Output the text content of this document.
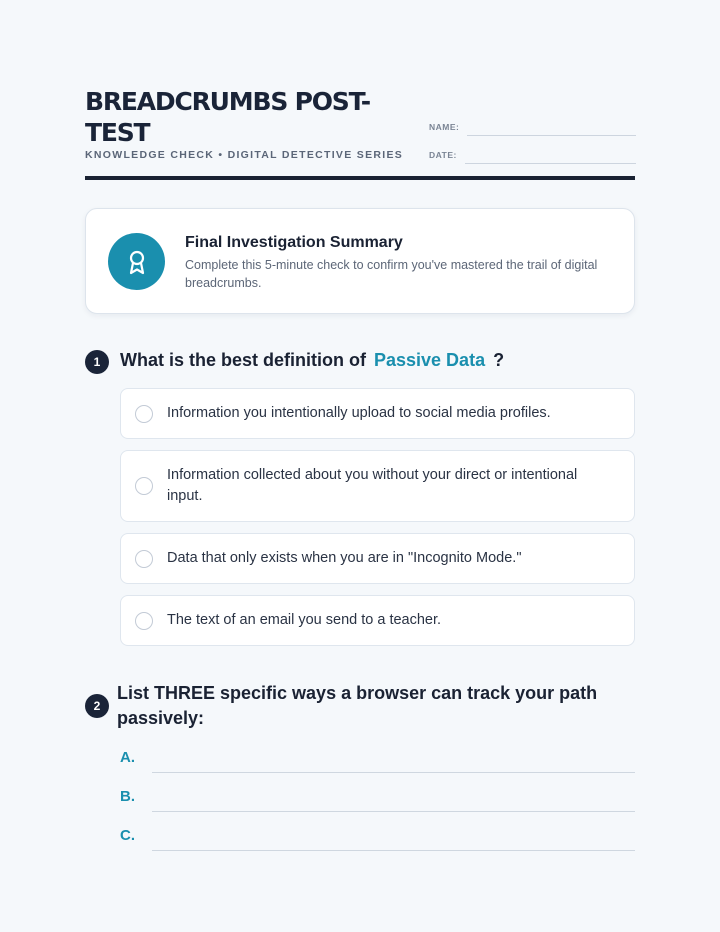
BREADCRUMBS POST-TEST
KNOWLEDGE CHECK • DIGITAL DETECTIVE SERIES
NAME:
DATE:
Final Investigation Summary
Complete this 5-minute check to confirm you've mastered the trail of digital breadcrumbs.
1	What is the best definition of Passive Data ?
Information you intentionally upload to social media profiles.
Information collected about you without your direct or intentional input.
Data that only exists when you are in "Incognito Mode."
The text of an email you send to a teacher.
2
List THREE specific ways a browser can track your path passively:
A.
B.
C.
